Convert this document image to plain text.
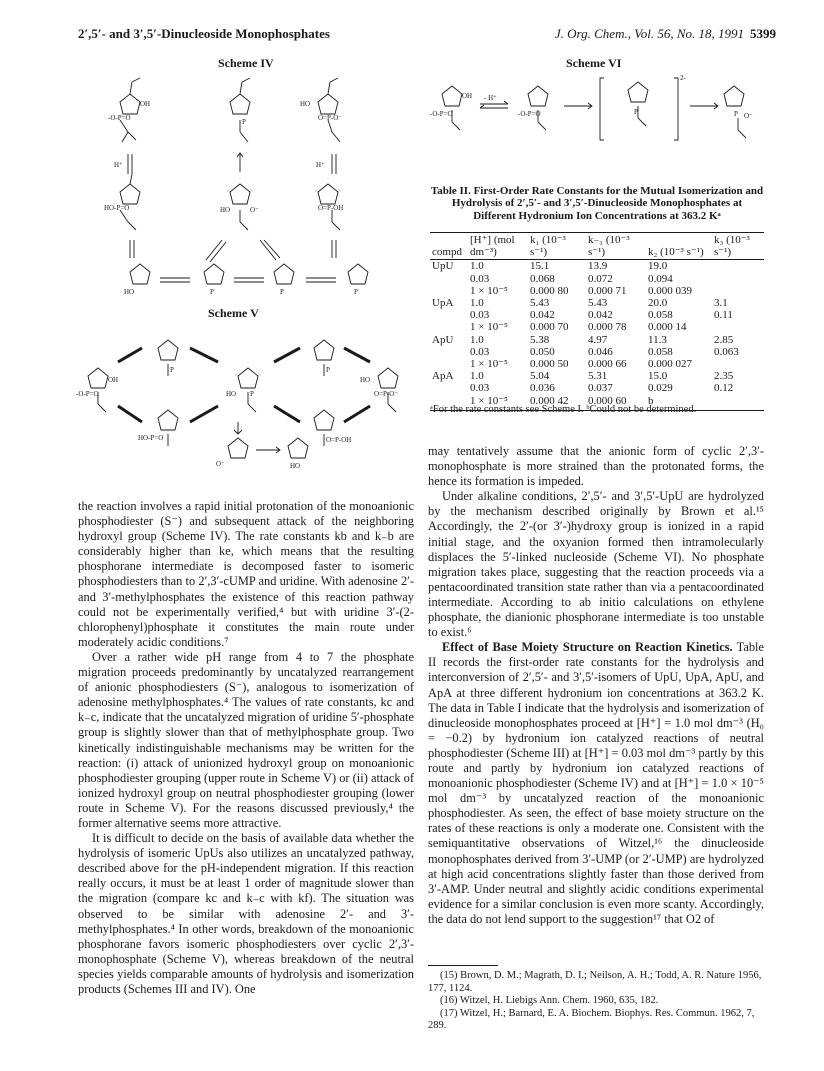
2′,5′- and 3′,5′-Dinucleoside Monophosphates	J. Org. Chem., Vol. 56, No. 18, 1991 5399
Scheme IV
Scheme V
Scheme VI
OH
-O-P=O	P
HO
O=P-O⁻
H⁺	H⁺
HO-P=O	HO	O⁻	O=P-OH
HO	P	P	P
OH
-O-P=O
P
HO-P=O
HO P
P
O=P-OH
HO
O=P-O⁻
O⁻	HO
OH
-O-P=O
- H⁺
-O-P=O
2-
P	P O⁻
Table II. First-Order Rate Constants for the Mutual Isomerization and Hydrolysis of 2′,5′- and 3′,5′-Dinucleoside Monophosphates at Different Hydronium Ion Concentrations at 363.2 Kᵃ
compd	[H⁺] (mol dm⁻³)	k₁ (10⁻³ s⁻¹)	k₋₁ (10⁻³ s⁻¹)	k₂ (10⁻³ s⁻¹)	k₃ (10⁻³ s⁻¹)
UpU	1.0	15.1	13.9	19.0	
	0.03	0.068	0.072	0.094	
	1 × 10⁻⁵	0.000 80	0.000 71	0.000 039	
UpA	1.0	5.43	5.43	20.0	3.1
	0.03	0.042	0.042	0.058	0.11
	1 × 10⁻⁵	0.000 70	0.000 78	0.000 14	
ApU	1.0	5.38	4.97	11.3	2.85
	0.03	0.050	0.046	0.058	0.063
	1 × 10⁻⁵	0.000 50	0.000 66	0.000 027	
ApA	1.0	5.04	5.31	15.0	2.35
	0.03	0.036	0.037	0.029	0.12
	1 × 10⁻⁵	0.000 42	0.000 60	b	
ᵃFor the rate constants see Scheme I. ᵇCould not be determined.

the reaction involves a rapid initial protonation of the monoanionic phosphodiester (S⁻) and subsequent attack of the neighboring hydroxyl group (Scheme IV). The rate constants kb and k₋b are considerably higher than ke, which means that the resulting phosphorane intermediate is decomposed faster to isomeric phosphodiesters than to 2′,3′-cUMP and uridine. With adenosine 2′- and 3′-methylphosphates the existence of this reaction pathway could not be experimentally verified,⁴ but with uridine 3′-(2-chlorophenyl)phosphate it constitutes the main route under moderately acidic conditions.⁷

Over a rather wide pH range from 4 to 7 the phosphate migration proceeds predominantly by uncatalyzed rearrangement of anionic phosphodiesters (S⁻), analogous to isomerization of adenosine methylphosphates.⁴ The values of rate constants, kc and k₋c, indicate that the uncatalyzed migration of uridine 5′-phosphate group is slightly slower than that of methylphosphate group. Two kinetically indistinguishable mechanisms may be written for the reaction: (i) attack of unionized hydroxyl group on monoanionic phosphodiester grouping (upper route in Scheme V) or (ii) attack of ionized hydroxyl group on neutral phosphodiester grouping (lower route in Scheme V). For the reasons discussed previously,⁴ the former alternative seems more attractive.

It is difficult to decide on the basis of available data whether the hydrolysis of isomeric UpUs also utilizes an uncatalyzed pathway, described above for the pH-independent migration. If this reaction really occurs, it must be at least 1 order of magnitude slower than the migration (compare kc and k₋c with kf). The situation was observed to be similar with adenosine 2′- and 3′-methylphosphates.⁴ In other words, breakdown of the monoanionic phosphorane favors isomeric phosphodiesters over cyclic 2′,3′-monophosphate (Scheme V), whereas breakdown of the neutral species yields comparable amounts of hydrolysis and isomerization products (Schemes III and IV). One

may tentatively assume that the anionic form of cyclic 2′,3′-monophosphate is more strained than the protonated forms, the hence its formation is impeded.

Under alkaline conditions, 2′,5′- and 3′,5′-UpU are hydrolyzed by the mechanism described originally by Brown et al.¹⁵ Accordingly, the 2′-(or 3′-)hydroxy group is ionized in a rapid initial stage, and the oxyanion formed then intramolecularly displaces the 5′-linked nucleoside (Scheme VI). No phosphate migration takes place, suggesting that the reaction proceeds via a pentacoordinated transition state rather than via a pentacoordinated intermediate. According to ab initio calculations on ethylene phosphate, the dianionic phosphorane intermediate is too unstable to exist.⁶

Effect of Base Moiety Structure on Reaction Kinetics. Table II records the first-order rate constants for the hydrolysis and interconversion of 2′,5′- and 3′,5′-isomers of UpU, UpA, ApU, and ApA at three different hydronium ion concentrations at 363.2 K. The data in Table I indicate that the hydrolysis and isomerization of dinucleoside monophosphates proceed at [H⁺] = 1.0 mol dm⁻³ (H₀ = −0.2) by hydronium ion catalyzed reactions of neutral phosphodiester (Scheme III) at [H⁺] = 0.03 mol dm⁻³ partly by this route and partly by hydronium ion catalyzed reactions of monoanionic phosphodiester (Scheme IV) and at [H⁺] = 1.0 × 10⁻⁵ mol dm⁻³ by uncatalyzed reaction of the monoanionic phosphodiester. As seen, the effect of base moiety structure on the rates of these reactions is only a moderate one. Consistent with the semiquantitative observations of Witzel,¹⁶ the dinucleoside monophosphates derived from 3′-UMP (or 2′-UMP) are hydrolyzed at high acid concentrations slightly faster than those derived from 3′-AMP. Under neutral and slightly acidic conditions experimental evidence for a similar conclusion is even more scanty. Accordingly, the data do not lend support to the suggestion¹⁷ that O2 of

(15) Brown, D. M.; Magrath, D. I.; Neilson, A. H.; Todd, A. R. Nature 1956, 177, 1124.
(16) Witzel, H. Liebigs Ann. Chem. 1960, 635, 182.
(17) Witzel, H.; Barnard, E. A. Biochem. Biophys. Res. Commun. 1962, 7, 289.
